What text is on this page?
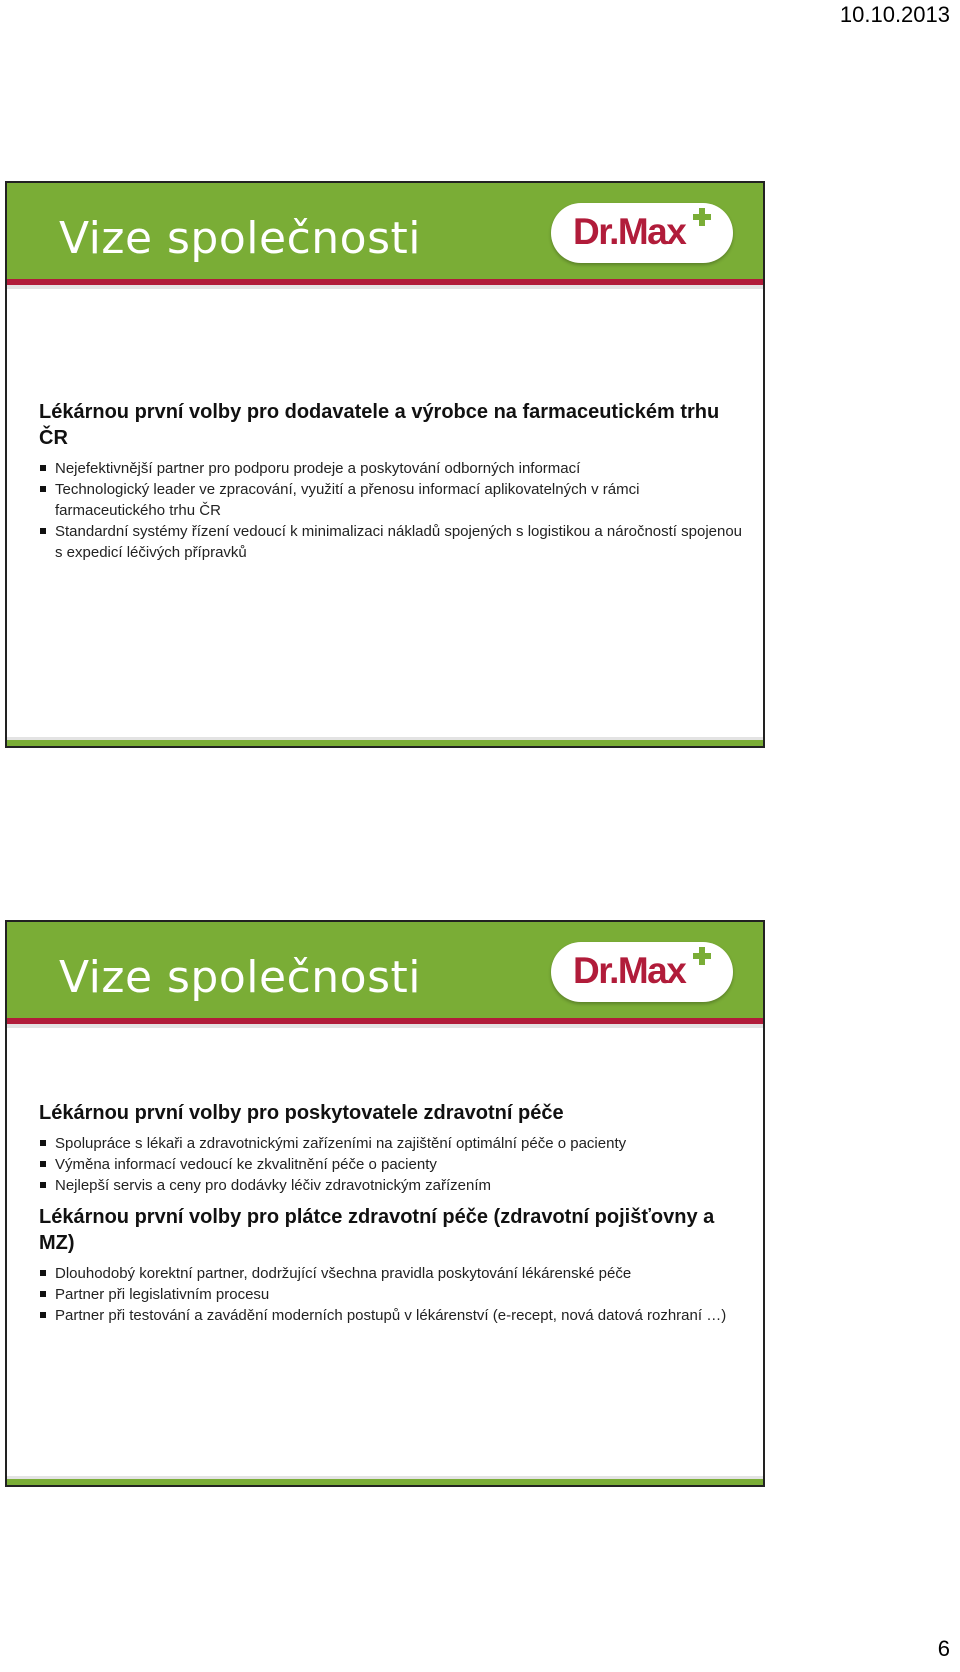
10.10.2013
Vize společnosti	Dr.Max
Lékárnou první volby pro dodavatele a výrobce na farmaceutickém trhu ČR
Nejefektivnější partner pro podporu prodeje a poskytování odborných informací
Technologický leader ve zpracování, využití a přenosu informací aplikovatelných v rámci farmaceutického trhu ČR
Standardní systémy řízení vedoucí k minimalizaci nákladů spojených s logistikou a náročností spojenou s expedicí léčivých přípravků
Vize společnosti	Dr.Max
Lékárnou první volby pro poskytovatele zdravotní péče
Spolupráce s lékaři a zdravotnickými zařízeními na zajištění optimální péče o pacienty
Výměna informací vedoucí ke zkvalitnění péče o pacienty
Nejlepší servis a ceny pro dodávky léčiv zdravotnickým zařízením
Lékárnou první volby pro plátce zdravotní péče (zdravotní pojišťovny a MZ)
Dlouhodobý korektní partner, dodržující všechna pravidla poskytování lékárenské péče
Partner při legislativním procesu
Partner při testování a zavádění moderních postupů v lékárenství (e-recept, nová datová rozhraní …)
6
